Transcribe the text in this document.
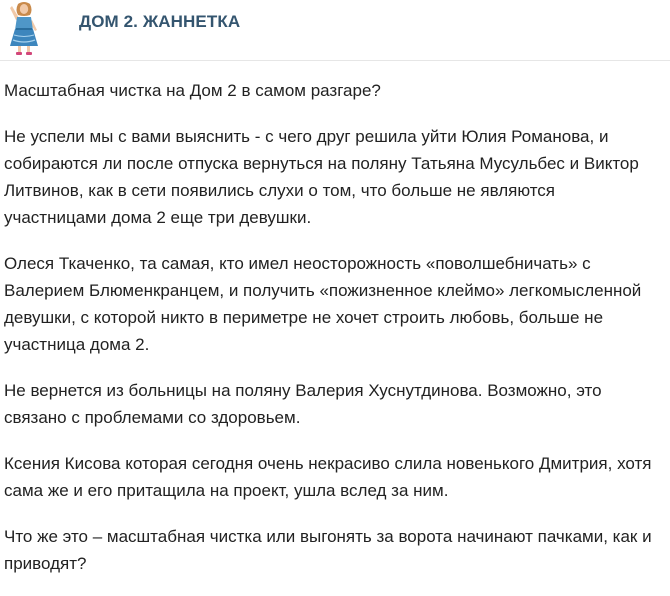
ДОМ 2. ЖАННЕТКА

Масштабная чистка на Дом 2 в самом разгаре?

Не успели мы с вами выяснить - с чего друг решила уйти Юлия Романова, и
собираются ли после отпуска вернуться на поляну Татьяна Мусульбес и Виктор
Литвинов, как в сети появились слухи о том, что больше не являются
участницами дома 2 еще три девушки.

Олеся Ткаченко, та самая, кто имел неосторожность «поволшебничать» с
Валерием Блюменкранцем, и получить «пожизненное клеймо» легкомысленной
девушки, с которой никто в периметре не хочет строить любовь, больше не
участница дома 2.

Не вернется из больницы на поляну Валерия Хуснутдинова. Возможно, это
связано с проблемами со здоровьем.

Ксения Кисова которая сегодня очень некрасиво слила новенького Дмитрия, хотя
сама же и его притащила на проект, ушла вслед за ним.

Что же это – масштабная чистка или выгонять за ворота начинают пачками, как и
приводят?
